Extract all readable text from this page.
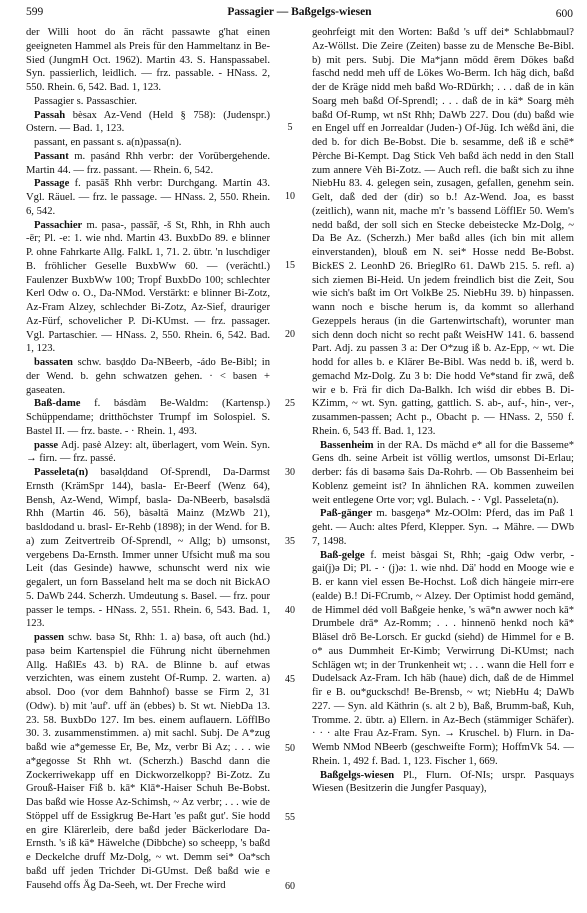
599	Passagier — Baßgelgs-wiesen	600

der Willi hoot do än rächt passawte g'hat einen geeigneten Hammel als Preis für den Hammeltanz in Be-Sied (JungmH Oct. 1962). Martin 43. S. Hanspassabel. Syn. passierlich, leidlich. — frz. passable. - HNass. 2, 550. Rhein. 6, 542. Bad. 1, 123.

Passagier s. Passaschier.

Passah bèsax Az-Vend (Held § 758): (Judenspr.) Ostern. — Bad. 1, 123.

passant, en passant s. a(n)passa(n).

Passant m. pasánd Rhh verbr: der Vorübergehende. Martin 44. — frz. passant. — Rhein. 6, 542.

Passage f. pasā̃š Rhh verbr: Durchgang. Martin 43. Vgl. Räuel. — frz. le passage. — HNass. 2, 550. Rhein. 6, 542.

Passachier m. pasa-, passā̃r, -š St, Rhh, in Rhh auch -ēr; Pl. -e: 1. wie nhd. Martin 43. BuxbDo 89. e blinner P. ohne Fahrkarte Allg. FalkL 1, 71. 2. übtr. 'n luschdiger B. fröhlicher Geselle BuxbWw 60. — (verächtl.) Faulenzer BuxbWw 100; Tropf BuxbDo 100; schlechter Kerl Odw o. O., Da-NMod. Verstärkt: e blinner Bi-Zotz, Az-Fram Alzey, schlechder Bi-Zotz, Az-Sief, drauriger Az-Fürf, schovelicher P. Di-KUmst. — frz. passager. Vgl. Partaschier. — HNass. 2, 550. Rhein. 6, 542. Bad. 1, 123.

bassaten schw. basḍdo Da-NBeerb, -ádo Be-Bibl; in der Wend. b. gehn schwatzen gehen. · < basen + gaseaten.

Baß-dame f. básdàm Be-Waldm: (Kartensp.) Schüppendame; dritthöchster Trumpf im Solospiel. S. Bastel II. — frz. baste. - · Rhein. 1, 493.

passe Adj. pasè Alzey: alt, überlagert, vom Wein. Syn. → firn. — frz. passé.

Passeleta(n) basəlḍdand Of-Sprendl, Da-Darmst Ernsth (KrämSpr 144), basla- Er-Beerf (Wenz 64), Bensh, Az-Wend, Wimpf, basla- Da-NBeerb, basəlsdä Rhh (Martin 46. 56), bàsəltä Mainz (MzWb 21), basldodand u. brasl- Er-Rehb (1898); in der Wend. for B. a) zum Zeitvertreib Of-Sprendl, ~ Allg; b) umsonst, vergebens Da-Ernsth. Immer unner Ufsicht muß ma sou Leit (das Gesinde) hawwe, schunscht werd nix wie gegalert, un forn Basseland helt ma se doch nit BickAO 5. DaWb 244. Scherzh. Umdeutung s. Basel. — frz. pour passer le temps. - HNass. 2, 551. Rhein. 6, 543. Bad. 1, 123.

passen schw. basə St, Rhh: 1. a) basə, oft auch (hd.) pasə beim Kartenspiel die Führung nicht übernehmen Allg. HaßlEs 43. b) RA. de Blinne b. auf etwas verzichten, was einem zusteht Of-Rump. 2. warten. a) absol. Doo (vor dem Bahnhof) basse se Firm 2, 31 (Odw). b) mit 'auf'. uff än (ebbes) b. St wt. NiebDa 13. 23. 58. BuxbDo 127. Im bes. einem auflauern. LöfflBo 30. 3. zusammenstimmen. a) mit sachl. Subj. De A*zug baßd wie a*gemesse Er, Be, Mz, verbr Bi Az; . . . wie a*gegosse St Rhh wt. (Scherzh.) Baschd dann die Zockerriwekapp uff en Dickworzelkopp? Bi-Zotz. Zu Grouß-Haiser Fiß b. kā* Klā*-Haiser Schuh Be-Bobst. Das baßd wie Hosse Az-Schimsh, ~ Az verbr; . . . wie de Stöppel uff de Essigkrug Be-Hart 'es paßt gut'. Sie hodd en gire Klärerleib, dere baßd jeder Bäckerlodare Da-Ernsth. 's iß kä* Häwelche (Dibbche) so scheepp, 's baßd e Deckelche druff Mz-Dolg, ~ wt. Demm sei* Oa*sch baßd uff jeden Trichder Di-GUmst. Deß baßd wie e Fausehd offs Äg Da-Seeh, wt. Der Freche wird

5
10
15
20
25
30
35
40
45
50
55
60

geohrfeigt mit den Worten: Baßd 's uff dei* Schlabbmaul? Az-Wöllst. Die Zeire (Zeiten) basse zu de Mensche Be-Bibl. b) mit pers. Subj. Die Ma*jann mödd ērem Dökes baßd faschd nedd meh uff de Lökes Wo-Berm. Ich häg dich, baßd der de Kräge nidd meh baßd Wo-RDürkh; . . . daß de in kän Soarg meh baßd Of-Sprendl; . . . daß de in kä* Soarg mèh baßd Of-Rump, wt nSt Rhh; DaWb 227. Dou (du) baßd wie en Engel uff en Jorrealdar (Juden-) Of-Jüg. Ich wèßd äni, die ded b. for dich Be-Bobst. Die b. sesamme, deß iß e schē* Pèrche Bi-Kempt. Dag Stick Veh baßd äch nedd in den Stall zum annere Vèh Bi-Zotz. — Auch refl. die baßt sich zu ihne NiebHu 83. 4. gelegen sein, zusagen, gefallen, genehm sein. Gelt, daß ded der (dir) so b.! Az-Wend. Joa, es basst (zeitlich), wann nit, mache m'r 's bassend LöfflEr 50. Wem's nedd baßd, der soll sich en Stecke debeistecke Mz-Dolg, ~ Da Be Az. (Scherzh.) Mer baßd alles (ich bin mit allem einverstanden), blouß em N. sei* Hosse nedd Be-Bobst. BickES 2. LeonhD 26. BrieglRo 61. DaWb 215. 5. refl. a) sich ziemen Bi-Heid. Un jedem freindlich bist die Zeit, Sou wie sich's baßt im Ort VolkBe 25. NiebHu 39. b) hinpassen. wann noch e bische herum is, da kommt so allerhand Gezeppels heraus (in die Gartenwirtschaft), worunter man sich denn doch nicht so recht paßt WeisHW 141. 6. bassend Part. Adj. zu passen 3 a: Der O*zug iß b. Az-Epp, ~ wt. Die hodd for alles b. e Klärer Be-Bibl. Was nedd b. iß, werd b. gemachd Mz-Dolg. Zu 3 b: Die hodd Ve*stand fir zwä, deß wir e b. Frä fir dich Da-Balkh. Ich wiśd dir ebbes B. Di-KZimm, ~ wt. Syn. gatting, gattlich. S. ab-, auf-, hin-, ver-, zusammen-passen; Acht p., Obacht p. — HNass. 2, 550 f. Rhein. 6, 543 ff. Bad. 1, 123.

Bassenheim in der RA. Ds mächd e* all for die Basseme* Gens dh. seine Arbeit ist völlig wertlos, umsonst Di-Erlau; derber: fás di basəmə šais Da-Rohrb. — Ob Bassenheim bei Koblenz gemeint ist? In ähnlichen RA. kommen zuweilen weit entlegene Orte vor; vgl. Bulach. - · Vgl. Passeleta(n).

Paß-gänger m. basgeŋə* Mz-OOlm: Pferd, das im Paß 1 geht. — Auch: altes Pferd, Klepper. Syn. → Mähre. — DWb 7, 1498.

Baß-gelge f. meist bàsgai St, Rhh; -gaig Odw verbr, -gai(j)ə Di; Pl. - · (j)ə: 1. wie nhd. Dä' hodd en Mooge wie e B. er kann viel essen Be-Hochst. Loß dich hängeie mirr-ere (ealde) B.! Di-FCrumb, ~ Alzey. Der Optimist hodd gemänd, de Himmel déd voll Baßgeie henke, 's wä*n awwer noch kā* Drumbele drā* Az-Romm; . . . hinnenö henkd noch kā* Bläsel drō Be-Lorsch. Er guckd (siehd) de Himmel for e B. o* aus Dummheit Er-Kimb; Verwirrung Di-KUmst; nach Schlägen wt; in der Trunkenheit wt; . . . wann die Hell forr e Dudelsack Az-Fram. Ich häb (haue) dich, daß de de Himmel fir e B. ou*guckschd! Be-Brensb, ~ wt; NiebHu 4; DaWb 227. — Syn. ald Käthrin (s. alt 2 b), Baß, Brumm-baß, Kuh, Tromme. 2. übtr. a) Ellern. in Az-Bech (stämmiger Schäfer). · · · alte Frau Az-Fram. Syn. → Kruschel. b) Flurn. in Da-Wemb NMod NBeerb (geschweifte Form); HoffmVk 54. — Rhein. 1, 492 f. Bad. 1, 123. Fischer 1, 669.

Baßgelgs-wiesen Pl., Flurn. Of-NIs; urspr. Pasquays Wiesen (Besitzerin die Jungfer Pasquay),
